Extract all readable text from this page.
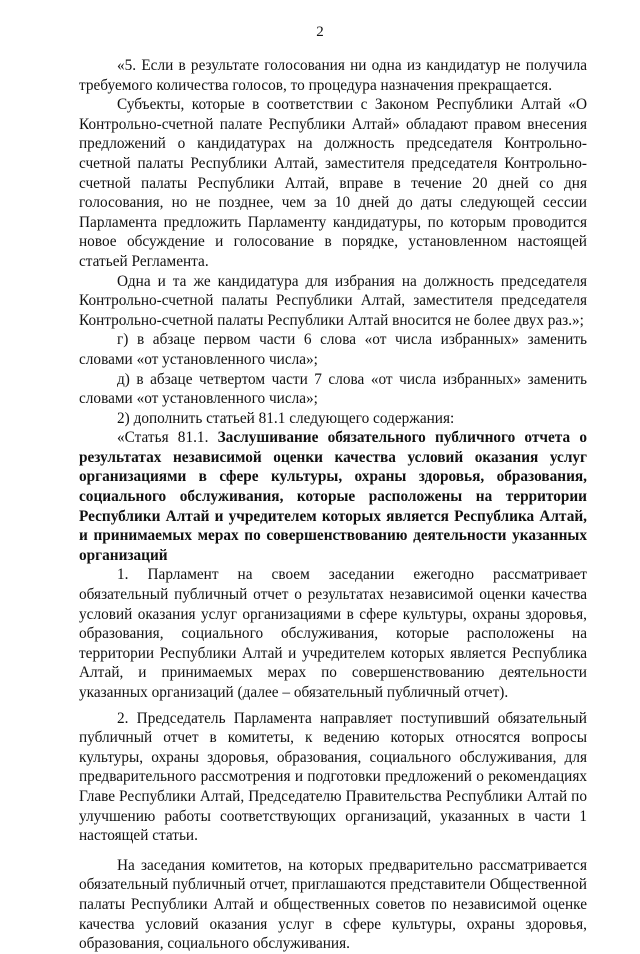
2

«5. Если в результате голосования ни одна из кандидатур не получила требуемого количества голосов, то процедура назначения прекращается.

Субъекты, которые в соответствии с Законом Республики Алтай «О Контрольно-счетной палате Республики Алтай» обладают правом внесения предложений о кандидатурах на должность председателя Контрольно-счетной палаты Республики Алтай, заместителя председателя Контрольно-счетной палаты Республики Алтай, вправе в течение 20 дней со дня голосования, но не позднее, чем за 10 дней до даты следующей сессии Парламента предложить Парламенту кандидатуры, по которым проводится новое обсуждение и голосование в порядке, установленном настоящей статьей Регламента.

Одна и та же кандидатура для избрания на должность председателя Контрольно-счетной палаты Республики Алтай, заместителя председателя Контрольно-счетной палаты Республики Алтай вносится не более двух раз.»;

г) в абзаце первом части 6 слова «от числа избранных» заменить словами «от установленного числа»;

д) в абзаце четвертом части 7 слова «от числа избранных» заменить словами «от установленного числа»;

2) дополнить статьей 81.1 следующего содержания:

«Статья 81.1. Заслушивание обязательного публичного отчета о результатах независимой оценки качества условий оказания услуг организациями в сфере культуры, охраны здоровья, образования, социального обслуживания, которые расположены на территории Республики Алтай и учредителем которых является Республика Алтай, и принимаемых мерах по совершенствованию деятельности указанных организаций

1. Парламент на своем заседании ежегодно рассматривает обязательный публичный отчет о результатах независимой оценки качества условий оказания услуг организациями в сфере культуры, охраны здоровья, образования, социального обслуживания, которые расположены на территории Республики Алтай и учредителем которых является Республика Алтай, и принимаемых мерах по совершенствованию деятельности указанных организаций (далее – обязательный публичный отчет).

2. Председатель Парламента направляет поступивший обязательный публичный отчет в комитеты, к ведению которых относятся вопросы культуры, охраны здоровья, образования, социального обслуживания, для предварительного рассмотрения и подготовки предложений о рекомендациях Главе Республики Алтай, Председателю Правительства Республики Алтай по улучшению работы соответствующих организаций, указанных в части 1 настоящей статьи.

На заседания комитетов, на которых предварительно рассматривается обязательный публичный отчет, приглашаются представители Общественной палаты Республики Алтай и общественных советов по независимой оценке качества условий оказания услуг в сфере культуры, охраны здоровья, образования, социального обслуживания.
